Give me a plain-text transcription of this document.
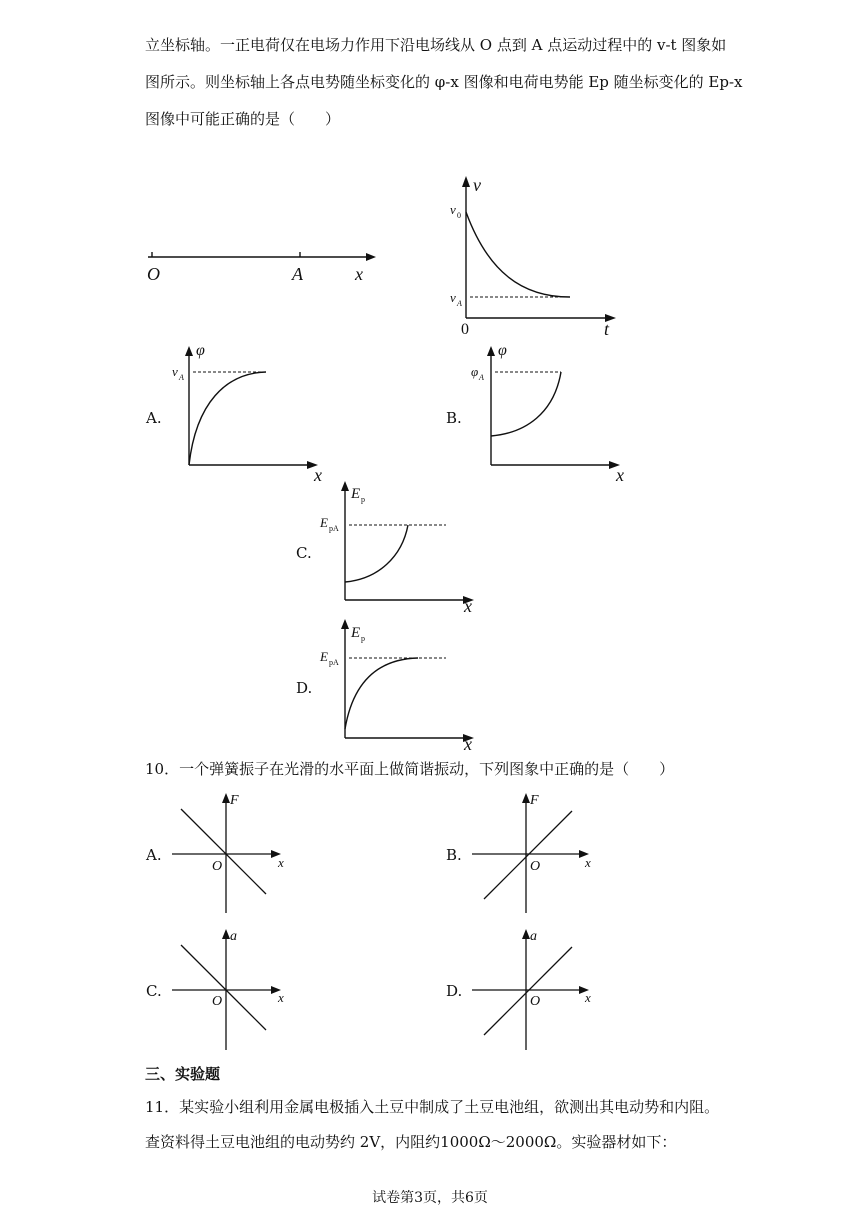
立坐标轴。一正电荷仅在电场力作用下沿电场线从 O 点到 A 点运动过程中的 v-t 图象如
图所示。则坐标轴上各点电势随坐标变化的 φ-x 图像和电荷电势能 Ep 随坐标变化的 Ep-x
图像中可能正确的是（　　）
O	A	x
v
v 0
v A
0	t
A.
φ
v A
x
B.
φ
φ A
x
C.
E p
E pA
x
D.
E p
E pA
x
10．一个弹簧振子在光滑的水平面上做简谐振动，下列图象中正确的是（　　）
A.
F
O	x	B.
F
O	x
C.
a
O	x	D.
a
O	x
三、实验题
11．某实验小组利用金属电极插入土豆中制成了土豆电池组，欲测出其电动势和内阻。
查资料得土豆电池组的电动势约 2V，内阻约1000Ω～2000Ω。实验器材如下：
试卷第3页，共6页
